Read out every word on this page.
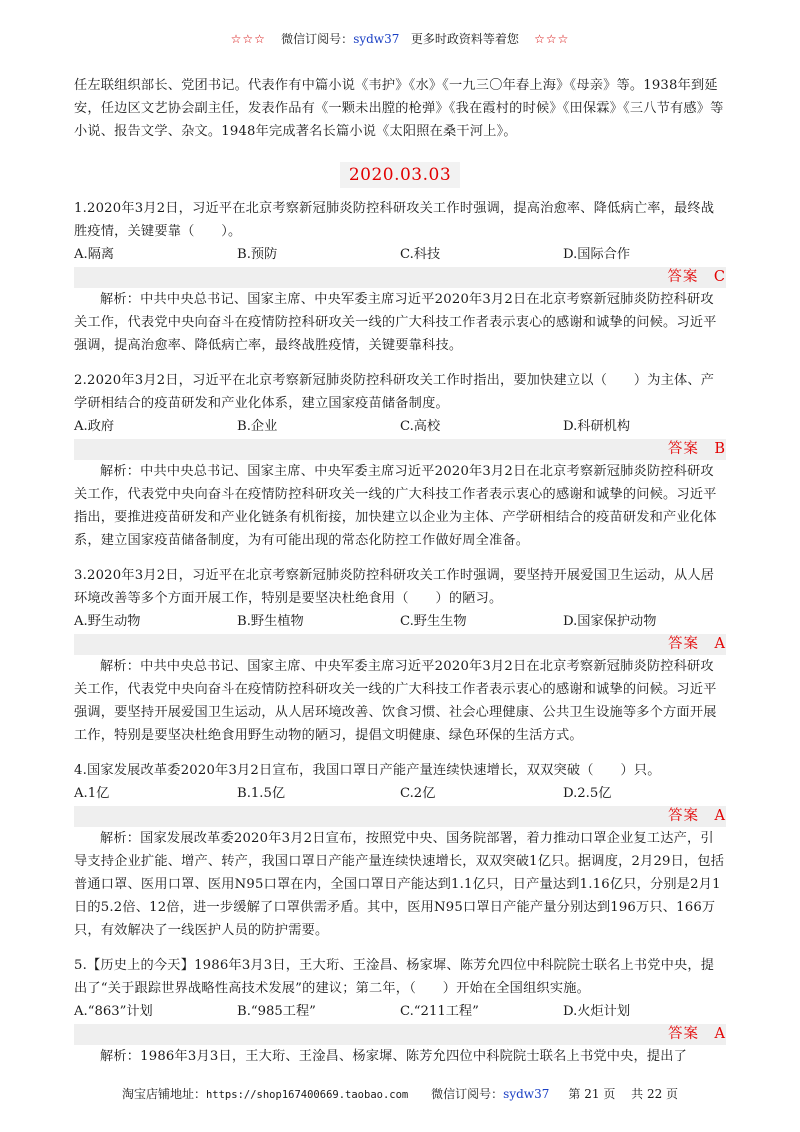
☆☆☆ 微信订阅号：sydw37 更多时政资料等着您 ☆☆☆

任左联组织部长、党团书记。代表作有中篇小说《韦护》《水》《一九三〇年春上海》《母亲》等。1938年到延安，任边区文艺协会副主任，发表作品有《一颗未出膛的枪弹》《我在霞村的时候》《田保霖》《三八节有感》等小说、报告文学、杂文。1948年完成著名长篇小说《太阳照在桑干河上》。

2020.03.03

1.2020年3月2日，习近平在北京考察新冠肺炎防控科研攻关工作时强调，提高治愈率、降低病亡率，最终战胜疫情，关键要靠（　　）。

A.隔离	B.预防	C.科技	D.国际合作
答案　C

解析：中共中央总书记、国家主席、中央军委主席习近平2020年3月2日在北京考察新冠肺炎防控科研攻关工作，代表党中央向奋斗在疫情防控科研攻关一线的广大科技工作者表示衷心的感谢和诚挚的问候。习近平强调，提高治愈率、降低病亡率，最终战胜疫情，关键要靠科技。

2.2020年3月2日，习近平在北京考察新冠肺炎防控科研攻关工作时指出，要加快建立以（　　）为主体、产学研相结合的疫苗研发和产业化体系，建立国家疫苗储备制度。

A.政府	B.企业	C.高校	D.科研机构
答案　B

解析：中共中央总书记、国家主席、中央军委主席习近平2020年3月2日在北京考察新冠肺炎防控科研攻关工作，代表党中央向奋斗在疫情防控科研攻关一线的广大科技工作者表示衷心的感谢和诚挚的问候。习近平指出，要推进疫苗研发和产业化链条有机衔接，加快建立以企业为主体、产学研相结合的疫苗研发和产业化体系，建立国家疫苗储备制度，为有可能出现的常态化防控工作做好周全准备。

3.2020年3月2日，习近平在北京考察新冠肺炎防控科研攻关工作时强调，要坚持开展爱国卫生运动，从人居环境改善等多个方面开展工作，特别是要坚决杜绝食用（　　）的陋习。

A.野生动物	B.野生植物	C.野生生物	D.国家保护动物
答案　A

解析：中共中央总书记、国家主席、中央军委主席习近平2020年3月2日在北京考察新冠肺炎防控科研攻关工作，代表党中央向奋斗在疫情防控科研攻关一线的广大科技工作者表示衷心的感谢和诚挚的问候。习近平强调，要坚持开展爱国卫生运动，从人居环境改善、饮食习惯、社会心理健康、公共卫生设施等多个方面开展工作，特别是要坚决杜绝食用野生动物的陋习，提倡文明健康、绿色环保的生活方式。

4.国家发展改革委2020年3月2日宣布，我国口罩日产能产量连续快速增长，双双突破（　　）只。

A.1亿	B.1.5亿	C.2亿	D.2.5亿
答案　A

解析：国家发展改革委2020年3月2日宣布，按照党中央、国务院部署，着力推动口罩企业复工达产，引导支持企业扩能、增产、转产，我国口罩日产能产量连续快速增长，双双突破1亿只。据调度，2月29日，包括普通口罩、医用口罩、医用N95口罩在内，全国口罩日产能达到1.1亿只，日产量达到1.16亿只，分别是2月1日的5.2倍、12倍，进一步缓解了口罩供需矛盾。其中，医用N95口罩日产能产量分别达到196万只、166万只，有效解决了一线医护人员的防护需要。

5.【历史上的今天】1986年3月3日，王大珩、王淦昌、杨家墀、陈芳允四位中科院院士联名上书党中央，提出了“关于跟踪世界战略性高技术发展”的建议；第二年，（　　）开始在全国组织实施。

A.“863”计划	B.“985工程”	C.“211工程”	D.火炬计划
答案　A

解析：1986年3月3日，王大珩、王淦昌、杨家墀、陈芳允四位中科院院士联名上书党中央，提出了

淘宝店铺地址：https://shop167400669.taobao.com 微信订阅号：sydw37 第 21 页　 共 22 页
